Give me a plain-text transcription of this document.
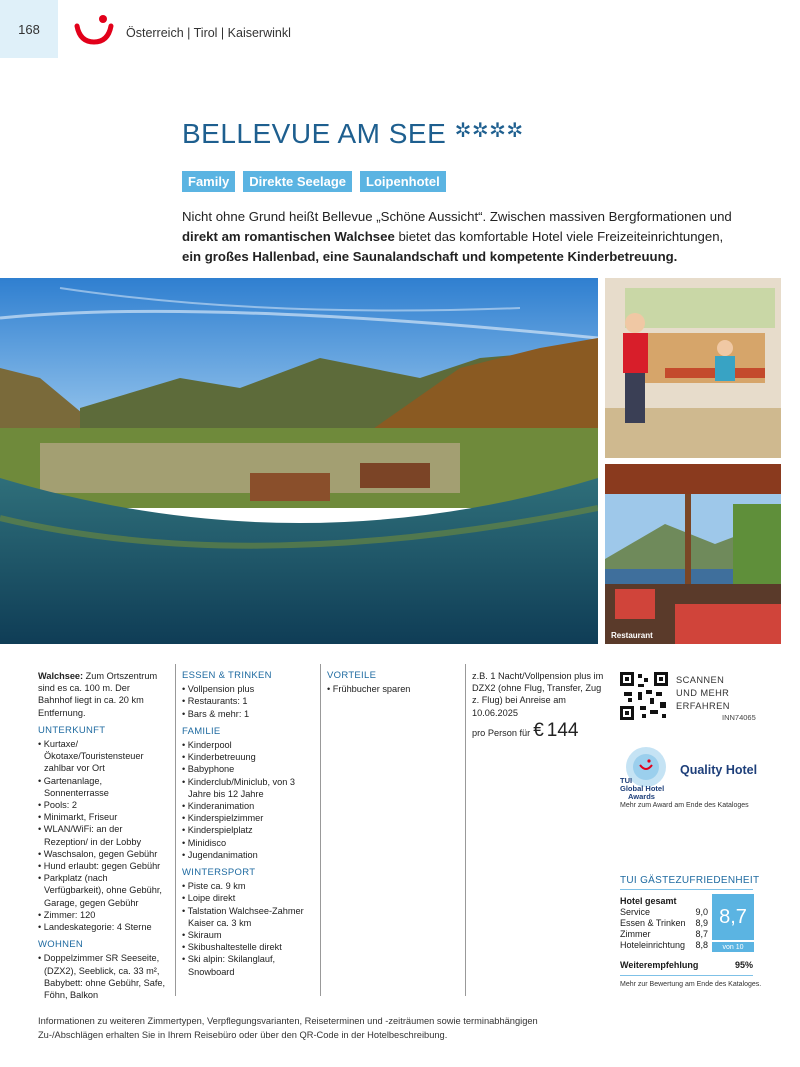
168	Österreich | Tirol | Kaiserwinkl
BELLEVUE AM SEE ✲✲✲✲
Family	Direkte Seelage	Loipenhotel

Nicht ohne Grund heißt Bellevue „Schöne Aussicht“. Zwischen massiven Bergformationen und direkt am romantischen Walchsee bietet das komfortable Hotel viele Freizeiteinrichtungen, ein großes Hallenbad, eine Saunalandschaft und kompetente Kinderbetreuung.

Restaurant

Walchsee: Zum Ortszentrum sind es ca. 100 m. Der Bahnhof liegt in ca. 20 km Entfernung.

UNTERKUNFT
• Kurtaxe/Ökotaxe/Touristensteuer zahlbar vor Ort
• Gartenanlage, Sonnenterrasse
• Pools: 2
• Minimarkt, Friseur
• WLAN/WiFi: an der Rezeption/ in der Lobby
• Waschsalon, gegen Gebühr
• Hund erlaubt: gegen Gebühr
• Parkplatz (nach Verfügbarkeit), ohne Gebühr, Garage, gegen Gebühr
• Zimmer: 120
• Landeskategorie: 4 Sterne
WOHNEN
• Doppelzimmer SR Seeseite, (DZX2), Seeblick, ca. 33 m², Babybett: ohne Gebühr, Safe, Föhn, Balkon
ESSEN & TRINKEN
• Vollpension plus
• Restaurants: 1
• Bars & mehr: 1
FAMILIE
• Kinderpool
• Kinderbetreuung
• Babyphone
• Kinderclub/Miniclub, von 3 Jahre bis 12 Jahre
• Kinderanimation
• Kinderspielzimmer
• Kinderspielplatz
• Minidisco
• Jugendanimation
WINTERSPORT
• Piste ca. 9 km
• Loipe direkt
• Talstation Walchsee-Zahmer Kaiser ca. 3 km
• Skiraum
• Skibushaltestelle direkt
• Ski alpin: Skilanglauf, Snowboard
VORTEILE
• Frühbucher sparen

z.B. 1 Nacht/Vollpension plus im DZX2 (ohne Flug, Transfer, Zug z. Flug) bei Anreise am 10.06.2025

pro Person für € 144
SCANNEN
UND MEHR
ERFAHREN
INN74065
TUI
Global Hotel
Awards
Quality Hotel
Mehr zum Award am Ende des Kataloges
TUI GÄSTEZUFRIEDENHEIT
Hotel gesamt
Service	9,0
Essen & Trinken 8,9
Zimmer	8,7
Hoteleinrichtung 8,8
8,7
von 10
Weiterempfehlung	95%
Mehr zur Bewertung am Ende des Kataloges.

Informationen zu weiteren Zimmertypen, Verpflegungsvarianten, Reiseterminen und -zeiträumen sowie terminabhängigen Zu-/Abschlägen erhalten Sie in Ihrem Reisebüro oder über den QR-Code in der Hotelbeschreibung.
